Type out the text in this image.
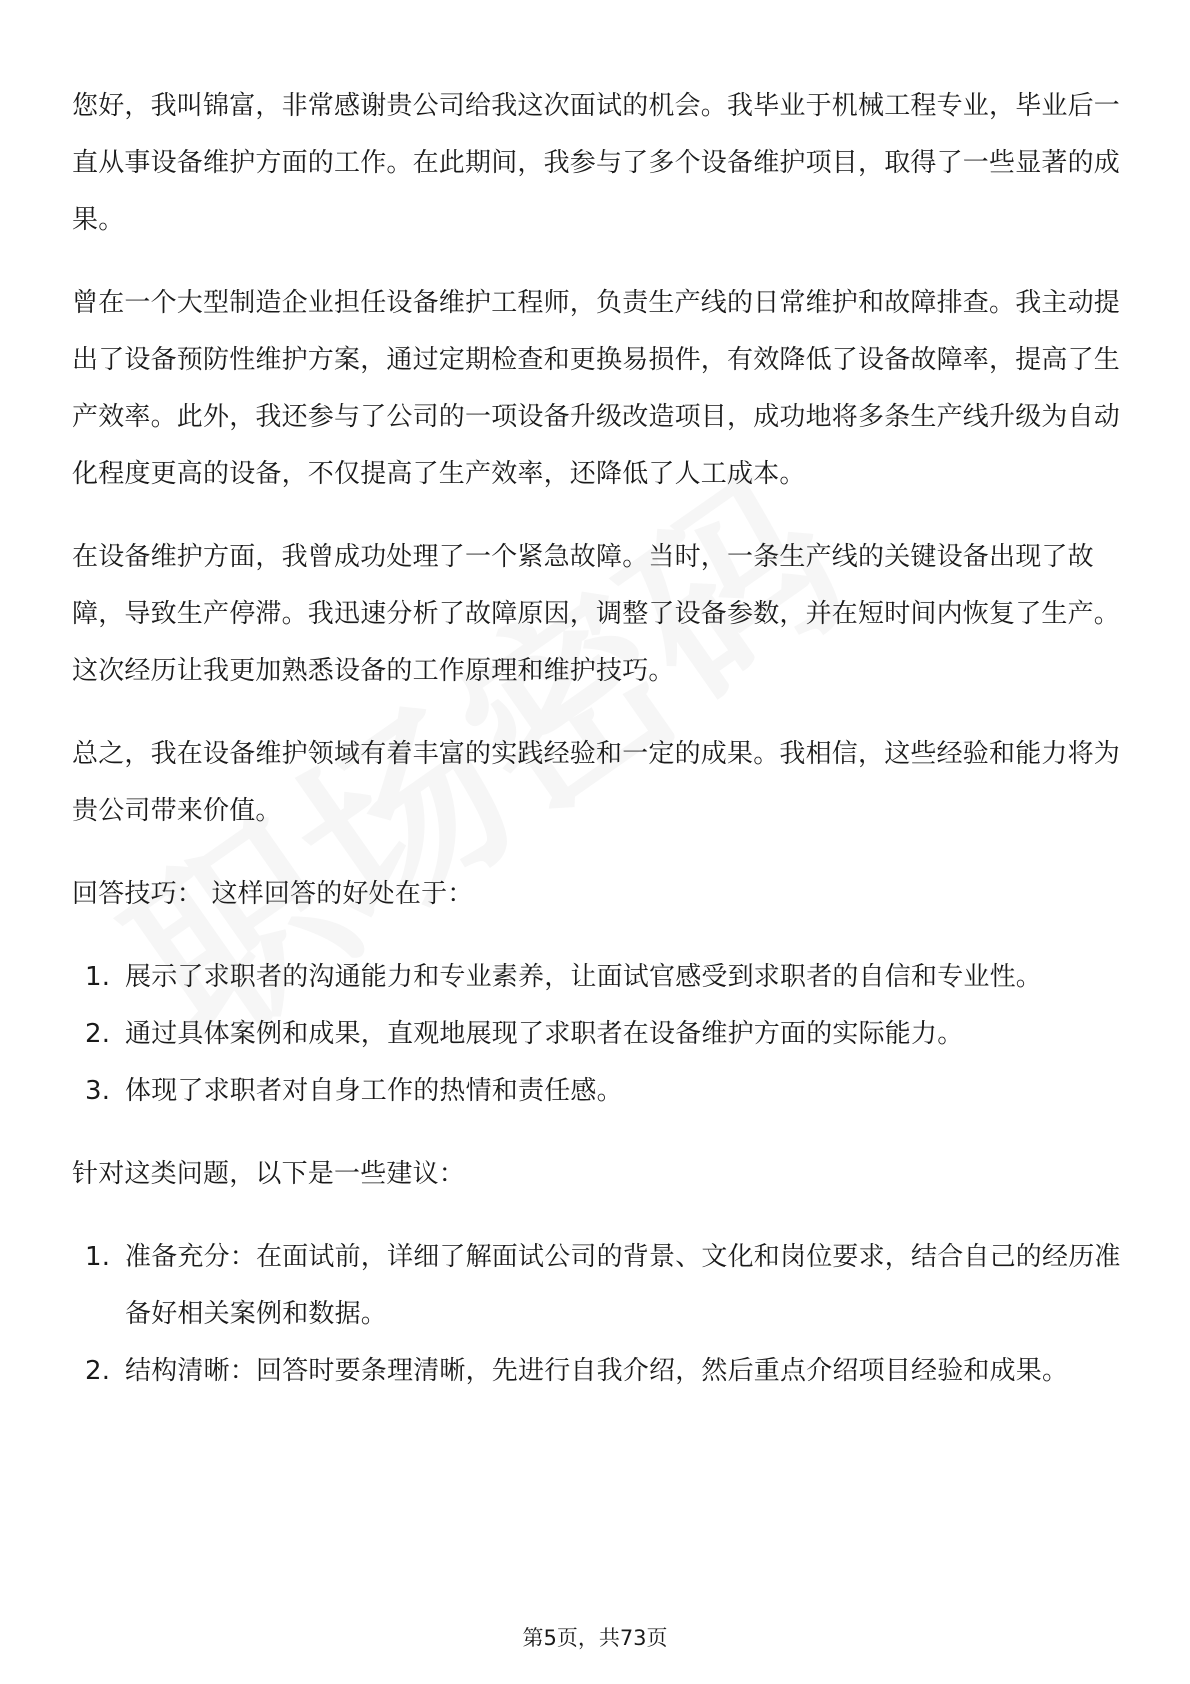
您好，我叫锦富，非常感谢贵公司给我这次面试的机会。我毕业于机械工程专业，毕业后一直从事设备维护方面的工作。在此期间，我参与了多个设备维护项目，取得了一些显著的成果。

曾在一个大型制造企业担任设备维护工程师，负责生产线的日常维护和故障排查。我主动提出了设备预防性维护方案，通过定期检查和更换易损件，有效降低了设备故障率，提高了生产效率。此外，我还参与了公司的一项设备升级改造项目，成功地将多条生产线升级为自动化程度更高的设备，不仅提高了生产效率，还降低了人工成本。

在设备维护方面，我曾成功处理了一个紧急故障。当时，一条生产线的关键设备出现了故障，导致生产停滞。我迅速分析了故障原因，调整了设备参数，并在短时间内恢复了生产。这次经历让我更加熟悉设备的工作原理和维护技巧。

总之，我在设备维护领域有着丰富的实践经验和一定的成果。我相信，这些经验和能力将为贵公司带来价值。

回答技巧： 这样回答的好处在于：

1. 展示了求职者的沟通能力和专业素养，让面试官感受到求职者的自信和专业性。
2. 通过具体案例和成果，直观地展现了求职者在设备维护方面的实际能力。
3. 体现了求职者对自身工作的热情和责任感。

针对这类问题，以下是一些建议：

1. 准备充分：在面试前，详细了解面试公司的背景、文化和岗位要求，结合自己的经历准备好相关案例和数据。
2. 结构清晰：回答时要条理清晰，先进行自我介绍，然后重点介绍项目经验和成果。
第5页，共73页
